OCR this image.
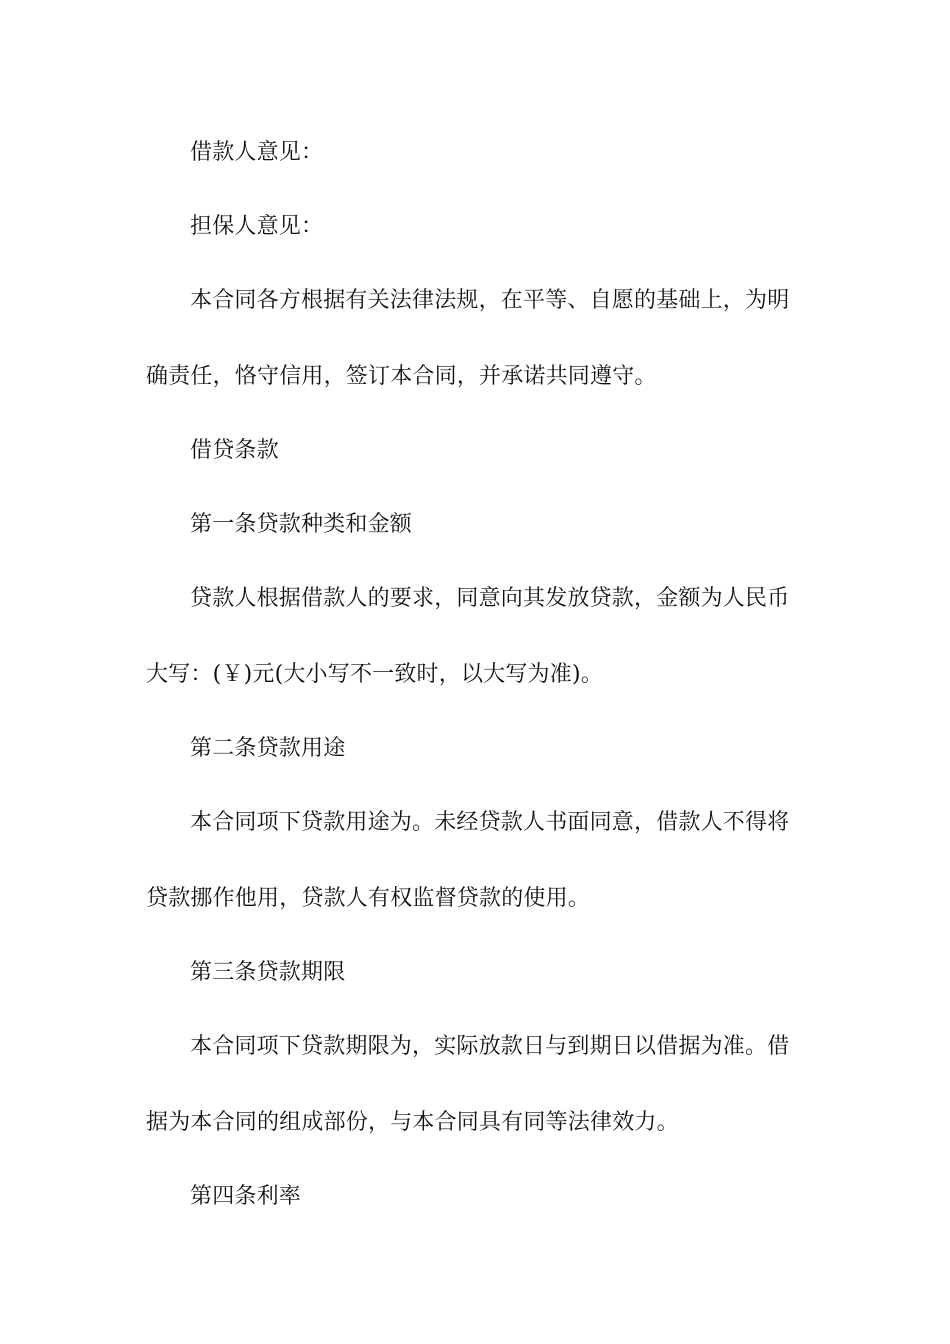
借款人意见：
担保人意见：
本合同各方根据有关法律法规，在平等、自愿的基础上，为明
确责任，恪守信用，签订本合同，并承诺共同遵守。
借贷条款
第一条贷款种类和金额
贷款人根据借款人的要求，同意向其发放贷款，金额为人民币
大写：(￥)元(大小写不一致时，以大写为准)。
第二条贷款用途
本合同项下贷款用途为。未经贷款人书面同意，借款人不得将
贷款挪作他用，贷款人有权监督贷款的使用。
第三条贷款期限
本合同项下贷款期限为，实际放款日与到期日以借据为准。借
据为本合同的组成部份，与本合同具有同等法律效力。
第四条利率
